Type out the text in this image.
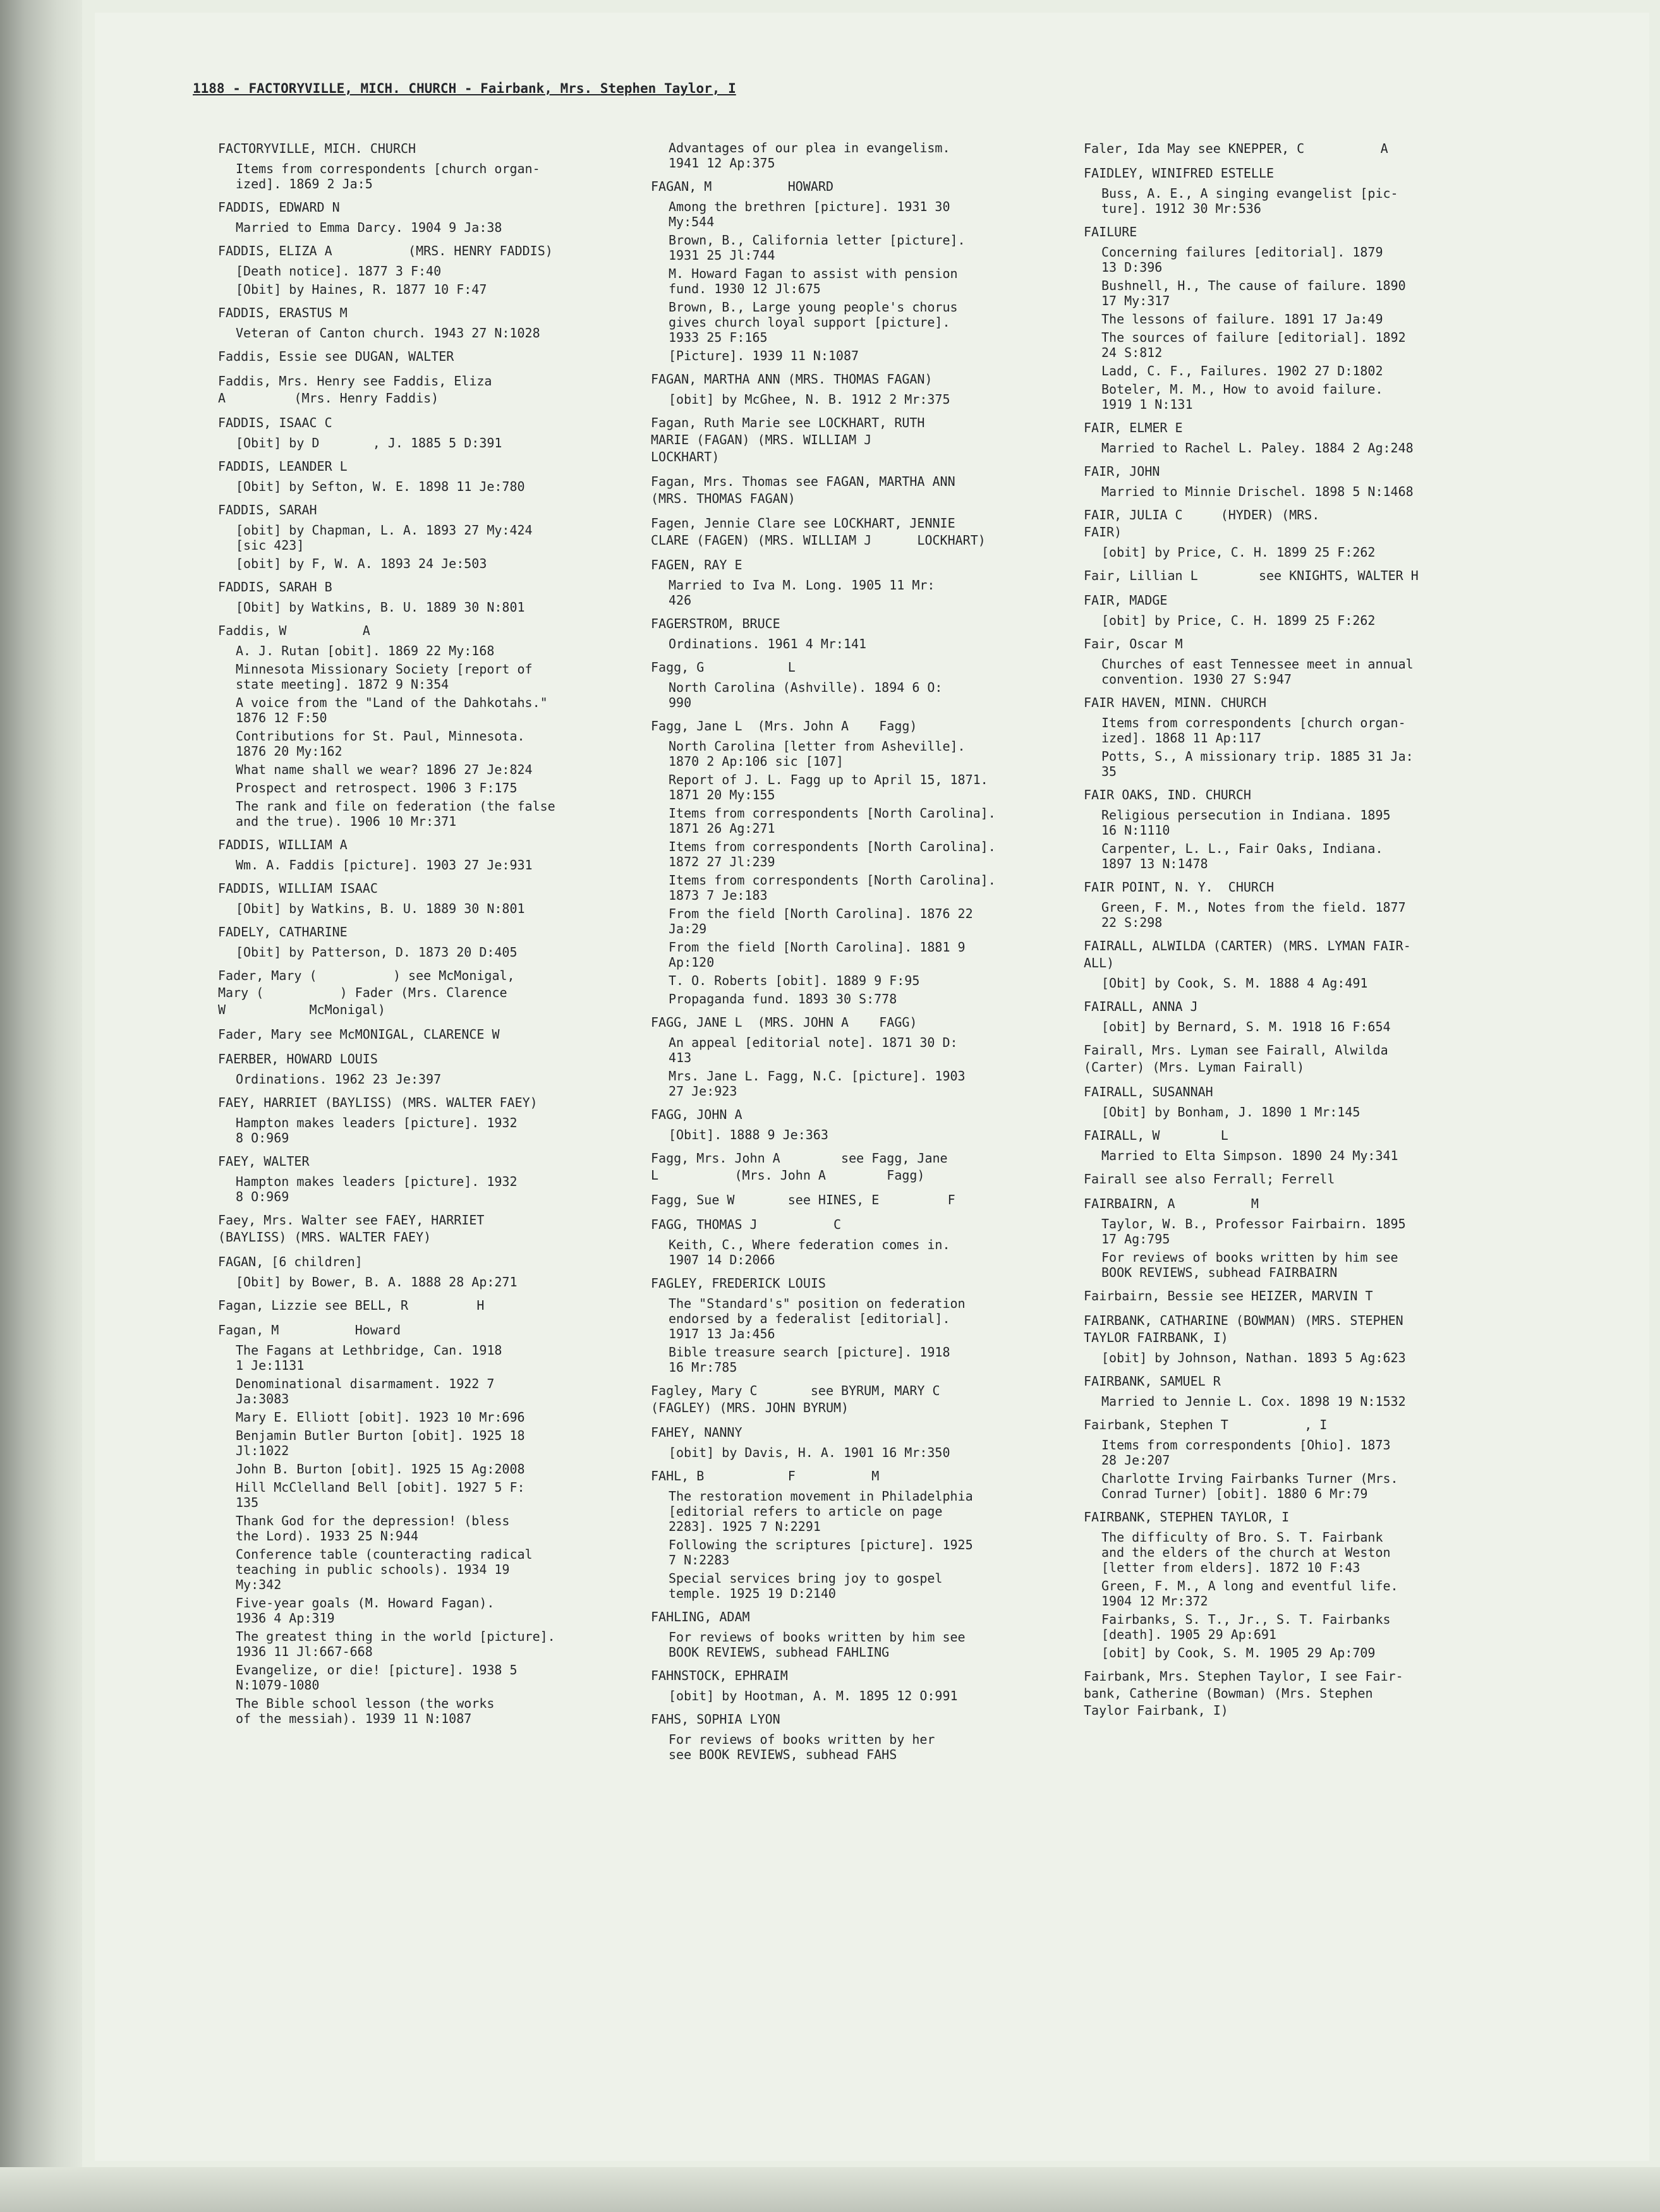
1188 - FACTORYVILLE, MICH. CHURCH - Fairbank, Mrs. Stephen Taylor, I
FACTORYVILLE, MICH. CHURCH
Items from correspondents [church organ-
ized]. 1869 2 Ja:5
FADDIS, EDWARD N
Married to Emma Darcy. 1904 9 Ja:38
FADDIS, ELIZA A          (MRS. HENRY FADDIS)
[Death notice]. 1877 3 F:40
[Obit] by Haines, R. 1877 10 F:47
FADDIS, ERASTUS M
Veteran of Canton church. 1943 27 N:1028
Faddis, Essie see DUGAN, WALTER
Faddis, Mrs. Henry see Faddis, Eliza
A         (Mrs. Henry Faddis)
FADDIS, ISAAC C
[Obit] by D       , J. 1885 5 D:391
FADDIS, LEANDER L
[Obit] by Sefton, W. E. 1898 11 Je:780
FADDIS, SARAH
[obit] by Chapman, L. A. 1893 27 My:424
[sic 423]
[obit] by F, W. A. 1893 24 Je:503
FADDIS, SARAH B
[Obit] by Watkins, B. U. 1889 30 N:801
Faddis, W          A
A. J. Rutan [obit]. 1869 22 My:168
Minnesota Missionary Society [report of
state meeting]. 1872 9 N:354
A voice from the "Land of the Dahkotahs."
1876 12 F:50
Contributions for St. Paul, Minnesota.
1876 20 My:162
What name shall we wear? 1896 27 Je:824
Prospect and retrospect. 1906 3 F:175
The rank and file on federation (the false
and the true). 1906 10 Mr:371
FADDIS, WILLIAM A
Wm. A. Faddis [picture]. 1903 27 Je:931
FADDIS, WILLIAM ISAAC
[Obit] by Watkins, B. U. 1889 30 N:801
FADELY, CATHARINE
[Obit] by Patterson, D. 1873 20 D:405
Fader, Mary (          ) see McMonigal,
Mary (          ) Fader (Mrs. Clarence
W           McMonigal)
Fader, Mary see McMONIGAL, CLARENCE W
FAERBER, HOWARD LOUIS
Ordinations. 1962 23 Je:397
FAEY, HARRIET (BAYLISS) (MRS. WALTER FAEY)
Hampton makes leaders [picture]. 1932
8 O:969
FAEY, WALTER
Hampton makes leaders [picture]. 1932
8 O:969
Faey, Mrs. Walter see FAEY, HARRIET
(BAYLISS) (MRS. WALTER FAEY)
FAGAN, [6 children]
[Obit] by Bower, B. A. 1888 28 Ap:271
Fagan, Lizzie see BELL, R         H
Fagan, M          Howard
The Fagans at Lethbridge, Can. 1918
1 Je:1131
Denominational disarmament. 1922 7
Ja:3083
Mary E. Elliott [obit]. 1923 10 Mr:696
Benjamin Butler Burton [obit]. 1925 18
Jl:1022
John B. Burton [obit]. 1925 15 Ag:2008
Hill McClelland Bell [obit]. 1927 5 F:
135
Thank God for the depression! (bless
the Lord). 1933 25 N:944
Conference table (counteracting radical
teaching in public schools). 1934 19
My:342
Five-year goals (M. Howard Fagan).
1936 4 Ap:319
The greatest thing in the world [picture].
1936 11 Jl:667-668
Evangelize, or die! [picture]. 1938 5
N:1079-1080
The Bible school lesson (the works
of the messiah). 1939 11 N:1087
Advantages of our plea in evangelism.
1941 12 Ap:375
FAGAN, M          HOWARD
Among the brethren [picture]. 1931 30
My:544
Brown, B., California letter [picture].
1931 25 Jl:744
M. Howard Fagan to assist with pension
fund. 1930 12 Jl:675
Brown, B., Large young people's chorus
gives church loyal support [picture].
1933 25 F:165
[Picture]. 1939 11 N:1087
FAGAN, MARTHA ANN (MRS. THOMAS FAGAN)
[obit] by McGhee, N. B. 1912 2 Mr:375
Fagan, Ruth Marie see LOCKHART, RUTH
MARIE (FAGAN) (MRS. WILLIAM J
LOCKHART)
Fagan, Mrs. Thomas see FAGAN, MARTHA ANN
(MRS. THOMAS FAGAN)
Fagen, Jennie Clare see LOCKHART, JENNIE
CLARE (FAGEN) (MRS. WILLIAM J      LOCKHART)
FAGEN, RAY E
Married to Iva M. Long. 1905 11 Mr:
426
FAGERSTROM, BRUCE
Ordinations. 1961 4 Mr:141
Fagg, G           L
North Carolina (Ashville). 1894 6 O:
990
Fagg, Jane L  (Mrs. John A    Fagg)
North Carolina [letter from Asheville].
1870 2 Ap:106 sic [107]
Report of J. L. Fagg up to April 15, 1871.
1871 20 My:155
Items from correspondents [North Carolina].
1871 26 Ag:271
Items from correspondents [North Carolina].
1872 27 Jl:239
Items from correspondents [North Carolina].
1873 7 Je:183
From the field [North Carolina]. 1876 22
Ja:29
From the field [North Carolina]. 1881 9
Ap:120
T. O. Roberts [obit]. 1889 9 F:95
Propaganda fund. 1893 30 S:778
FAGG, JANE L  (MRS. JOHN A    FAGG)
An appeal [editorial note]. 1871 30 D:
413
Mrs. Jane L. Fagg, N.C. [picture]. 1903
27 Je:923
FAGG, JOHN A
[Obit]. 1888 9 Je:363
Fagg, Mrs. John A        see Fagg, Jane
L          (Mrs. John A        Fagg)
Fagg, Sue W       see HINES, E         F
FAGG, THOMAS J          C
Keith, C., Where federation comes in.
1907 14 D:2066
FAGLEY, FREDERICK LOUIS
The "Standard's" position on federation
endorsed by a federalist [editorial].
1917 13 Ja:456
Bible treasure search [picture]. 1918
16 Mr:785
Fagley, Mary C       see BYRUM, MARY C
(FAGLEY) (MRS. JOHN BYRUM)
FAHEY, NANNY
[obit] by Davis, H. A. 1901 16 Mr:350
FAHL, B           F          M
The restoration movement in Philadelphia
[editorial refers to article on page
2283]. 1925 7 N:2291
Following the scriptures [picture]. 1925
7 N:2283
Special services bring joy to gospel
temple. 1925 19 D:2140
FAHLING, ADAM
For reviews of books written by him see
BOOK REVIEWS, subhead FAHLING
FAHNSTOCK, EPHRAIM
[obit] by Hootman, A. M. 1895 12 O:991
FAHS, SOPHIA LYON
For reviews of books written by her
see BOOK REVIEWS, subhead FAHS
Faler, Ida May see KNEPPER, C          A
FAIDLEY, WINIFRED ESTELLE
Buss, A. E., A singing evangelist [pic-
ture]. 1912 30 Mr:536
FAILURE
Concerning failures [editorial]. 1879
13 D:396
Bushnell, H., The cause of failure. 1890
17 My:317
The lessons of failure. 1891 17 Ja:49
The sources of failure [editorial]. 1892
24 S:812
Ladd, C. F., Failures. 1902 27 D:1802
Boteler, M. M., How to avoid failure.
1919 1 N:131
FAIR, ELMER E
Married to Rachel L. Paley. 1884 2 Ag:248
FAIR, JOHN
Married to Minnie Drischel. 1898 5 N:1468
FAIR, JULIA C     (HYDER) (MRS.
FAIR)
[obit] by Price, C. H. 1899 25 F:262
Fair, Lillian L        see KNIGHTS, WALTER H
FAIR, MADGE
[obit] by Price, C. H. 1899 25 F:262
Fair, Oscar M
Churches of east Tennessee meet in annual
convention. 1930 27 S:947
FAIR HAVEN, MINN. CHURCH
Items from correspondents [church organ-
ized]. 1868 11 Ap:117
Potts, S., A missionary trip. 1885 31 Ja:
35
FAIR OAKS, IND. CHURCH
Religious persecution in Indiana. 1895
16 N:1110
Carpenter, L. L., Fair Oaks, Indiana.
1897 13 N:1478
FAIR POINT, N. Y.  CHURCH
Green, F. M., Notes from the field. 1877
22 S:298
FAIRALL, ALWILDA (CARTER) (MRS. LYMAN FAIR-
ALL)
[Obit] by Cook, S. M. 1888 4 Ag:491
FAIRALL, ANNA J
[obit] by Bernard, S. M. 1918 16 F:654
Fairall, Mrs. Lyman see Fairall, Alwilda
(Carter) (Mrs. Lyman Fairall)
FAIRALL, SUSANNAH
[Obit] by Bonham, J. 1890 1 Mr:145
FAIRALL, W        L
Married to Elta Simpson. 1890 24 My:341
Fairall see also Ferrall; Ferrell
FAIRBAIRN, A          M
Taylor, W. B., Professor Fairbairn. 1895
17 Ag:795
For reviews of books written by him see
BOOK REVIEWS, subhead FAIRBAIRN
Fairbairn, Bessie see HEIZER, MARVIN T
FAIRBANK, CATHARINE (BOWMAN) (MRS. STEPHEN
TAYLOR FAIRBANK, I)
[obit] by Johnson, Nathan. 1893 5 Ag:623
FAIRBANK, SAMUEL R
Married to Jennie L. Cox. 1898 19 N:1532
Fairbank, Stephen T          , I
Items from correspondents [Ohio]. 1873
28 Je:207
Charlotte Irving Fairbanks Turner (Mrs.
Conrad Turner) [obit]. 1880 6 Mr:79
FAIRBANK, STEPHEN TAYLOR, I
The difficulty of Bro. S. T. Fairbank
and the elders of the church at Weston
[letter from elders]. 1872 10 F:43
Green, F. M., A long and eventful life.
1904 12 Mr:372
Fairbanks, S. T., Jr., S. T. Fairbanks
[death]. 1905 29 Ap:691
[obit] by Cook, S. M. 1905 29 Ap:709
Fairbank, Mrs. Stephen Taylor, I see Fair-
bank, Catherine (Bowman) (Mrs. Stephen
Taylor Fairbank, I)
